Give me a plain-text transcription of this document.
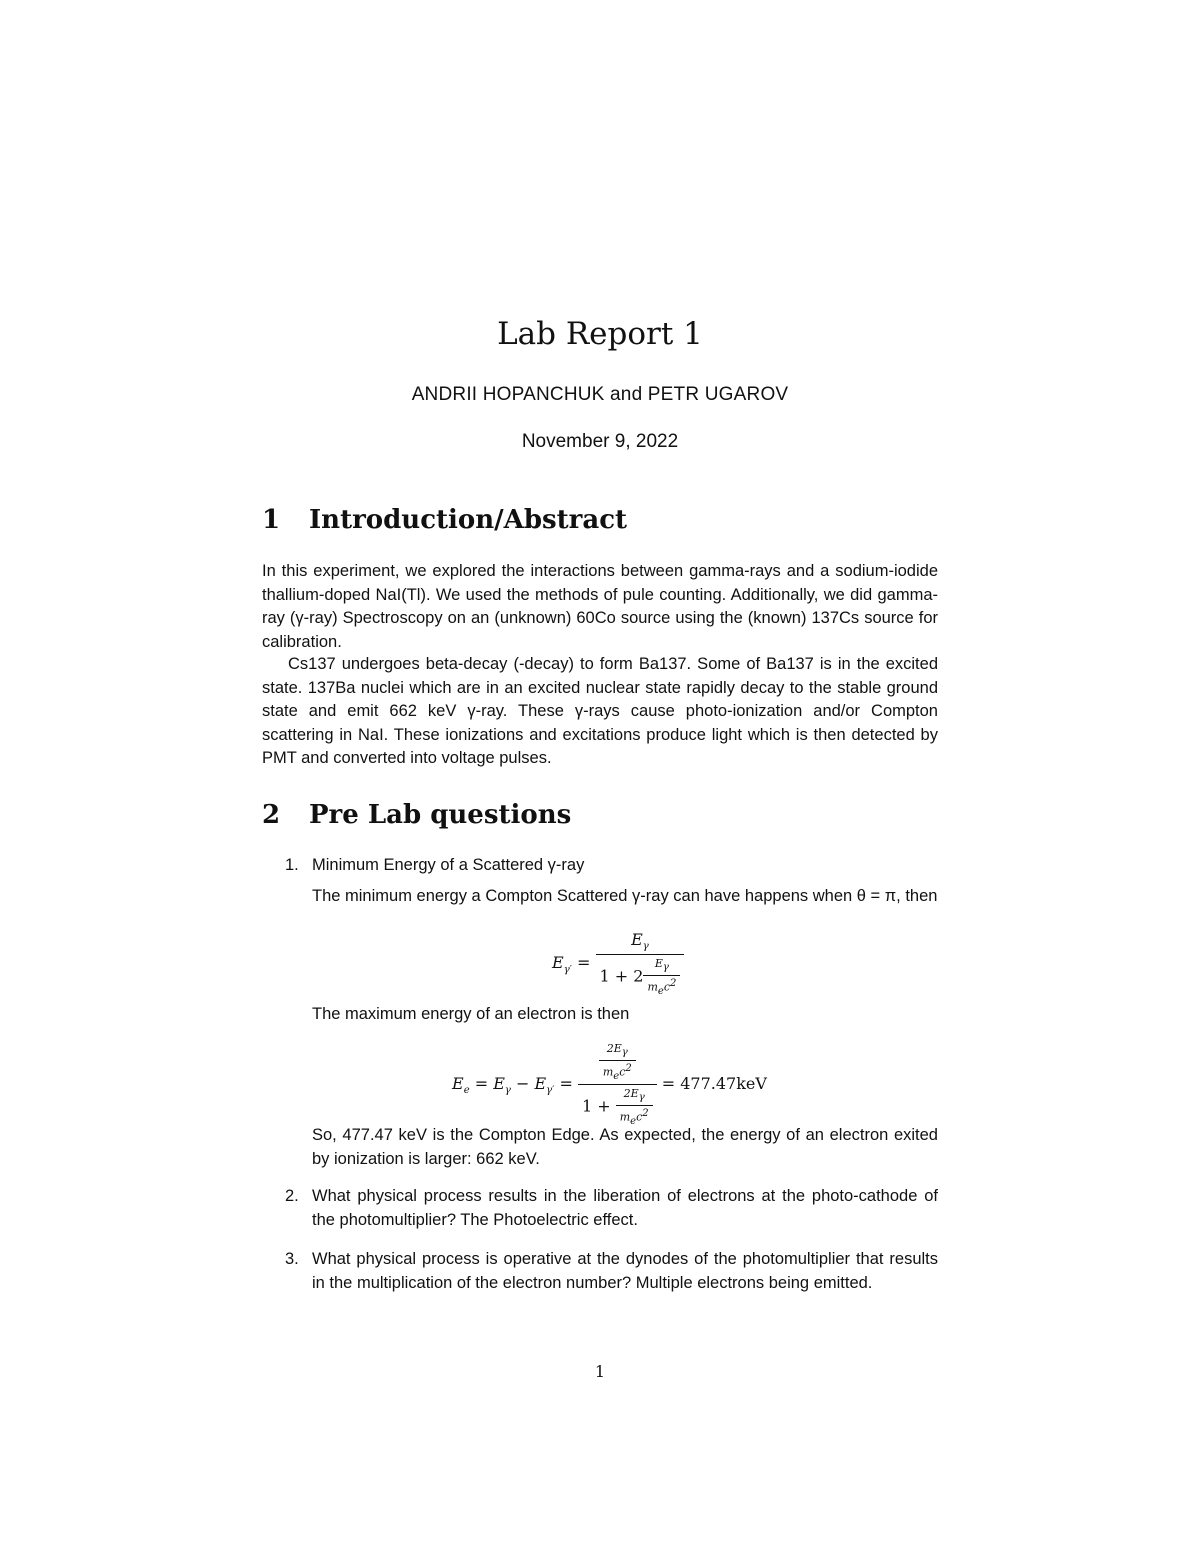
Lab Report 1
ANDRII HOPANCHUK and PETR UGAROV
November 9, 2022
1 Introduction/Abstract
In this experiment, we explored the interactions between gamma-rays and a sodium-iodide thallium-doped NaI(Tl). We used the methods of pule counting. Additionally, we did gamma-ray (γ-ray) Spectroscopy on an (unknown) 60Co source using the (known) 137Cs source for calibration.
Cs137 undergoes beta-decay (-decay) to form Ba137. Some of Ba137 is in the excited state. 137Ba nuclei which are in an excited nuclear state rapidly decay to the stable ground state and emit 662 keV γ-ray. These γ-rays cause photo-ionization and/or Compton scattering in NaI. These ionizations and excitations produce light which is then detected by PMT and converted into voltage pulses.
2 Pre Lab questions
1. Minimum Energy of a Scattered γ-ray
The minimum energy a Compton Scattered γ-ray can have happens when θ = π, then
The maximum energy of an electron is then
So, 477.47 keV is the Compton Edge. As expected, the energy of an electron exited by ionization is larger: 662 keV.
$E_{\gamma'} = \frac{E_\gamma}{1 + 2 \frac{E_\gamma}{m_ec^2}}$
$E_e = E_\gamma - E_{\gamma'} = \frac{\frac{2E_\gamma}{m_ec^2}}{1 + \frac{2E_\gamma}{m_ec^2}} = 477.47keV$
2. What physical process results in the liberation of electrons at the photo-cathode of the photomultiplier? The Photoelectric effect.
3. What physical process is operative at the dynodes of the photomultiplier that results in the multiplication of the electron number? Multiple electrons being emitted.
1
